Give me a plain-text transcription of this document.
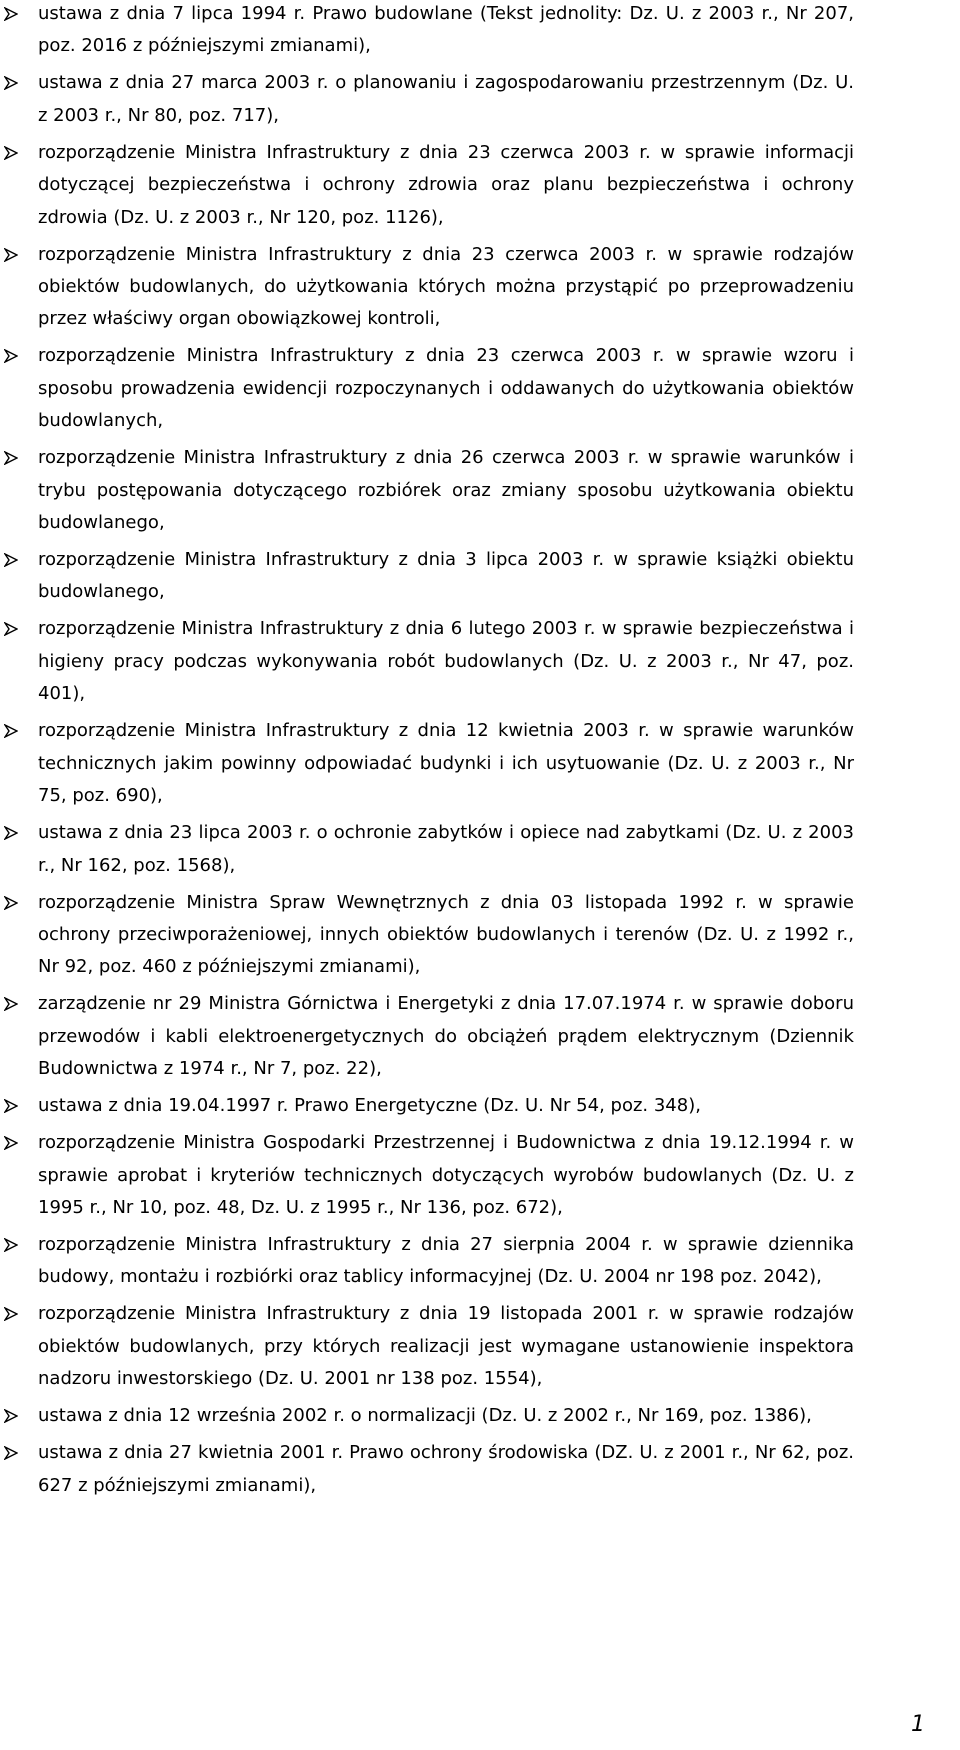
ustawa z dnia 7 lipca 1994 r. Prawo budowlane (Tekst jednolity: Dz. U. z 2003 r., Nr 207, poz. 2016 z późniejszymi zmianami),
ustawa z dnia 27 marca 2003 r. o planowaniu i zagospodarowaniu przestrzennym (Dz. U. z 2003 r., Nr 80, poz. 717),
rozporządzenie Ministra Infrastruktury z dnia 23 czerwca 2003 r. w sprawie informacji dotyczącej bezpieczeństwa i ochrony zdrowia oraz planu bezpieczeństwa i ochrony zdrowia (Dz. U. z 2003 r., Nr 120, poz. 1126),
rozporządzenie Ministra Infrastruktury z dnia 23 czerwca 2003 r. w sprawie rodzajów obiektów budowlanych, do użytkowania których można przystąpić po przeprowadzeniu przez właściwy organ obowiązkowej kontroli,
rozporządzenie Ministra Infrastruktury z dnia 23 czerwca 2003 r. w sprawie wzoru i sposobu prowadzenia ewidencji rozpoczynanych i oddawanych do użytkowania obiektów budowlanych,
rozporządzenie Ministra Infrastruktury z dnia 26 czerwca 2003 r. w sprawie warunków i trybu postępowania dotyczącego rozbiórek oraz zmiany sposobu użytkowania obiektu budowlanego,
rozporządzenie Ministra Infrastruktury z dnia 3 lipca 2003 r. w sprawie książki obiektu budowlanego,
rozporządzenie Ministra Infrastruktury z dnia 6 lutego 2003 r. w sprawie bezpieczeństwa i higieny pracy podczas wykonywania robót budowlanych (Dz. U. z 2003 r., Nr 47, poz. 401),
rozporządzenie Ministra Infrastruktury z dnia 12 kwietnia 2003 r. w sprawie warunków technicznych jakim powinny odpowiadać budynki i ich usytuowanie (Dz. U. z 2003 r., Nr 75, poz. 690),
ustawa z dnia 23 lipca 2003 r. o ochronie zabytków i opiece nad zabytkami (Dz. U. z 2003 r., Nr 162, poz. 1568),
rozporządzenie Ministra Spraw Wewnętrznych z dnia 03 listopada 1992 r. w sprawie ochrony przeciwporażeniowej, innych obiektów budowlanych i terenów (Dz. U. z 1992 r., Nr 92, poz. 460 z późniejszymi zmianami),
zarządzenie nr 29 Ministra Górnictwa i Energetyki z dnia 17.07.1974 r. w sprawie doboru przewodów i kabli elektroenergetycznych do obciążeń prądem elektrycznym (Dziennik Budownictwa z 1974 r., Nr 7, poz. 22),
ustawa z dnia 19.04.1997 r. Prawo Energetyczne (Dz. U. Nr 54, poz. 348),
rozporządzenie Ministra Gospodarki Przestrzennej i Budownictwa z dnia 19.12.1994 r. w sprawie aprobat i kryteriów technicznych dotyczących wyrobów budowlanych (Dz. U. z 1995 r., Nr 10, poz. 48, Dz. U. z 1995 r., Nr 136, poz. 672),
rozporządzenie Ministra Infrastruktury z dnia 27 sierpnia 2004 r. w sprawie dziennika budowy, montażu i rozbiórki oraz tablicy informacyjnej (Dz. U. 2004 nr 198 poz. 2042),
rozporządzenie Ministra Infrastruktury z dnia 19 listopada 2001 r. w sprawie rodzajów obiektów budowlanych, przy których realizacji jest wymagane ustanowienie inspektora nadzoru inwestorskiego (Dz. U. 2001 nr 138 poz. 1554),
ustawa z dnia 12 września 2002 r. o normalizacji (Dz. U. z 2002 r., Nr 169, poz. 1386),
ustawa z dnia 27 kwietnia 2001 r. Prawo ochrony środowiska (DZ. U. z 2001 r., Nr 62, poz. 627 z późniejszymi zmianami),
1
